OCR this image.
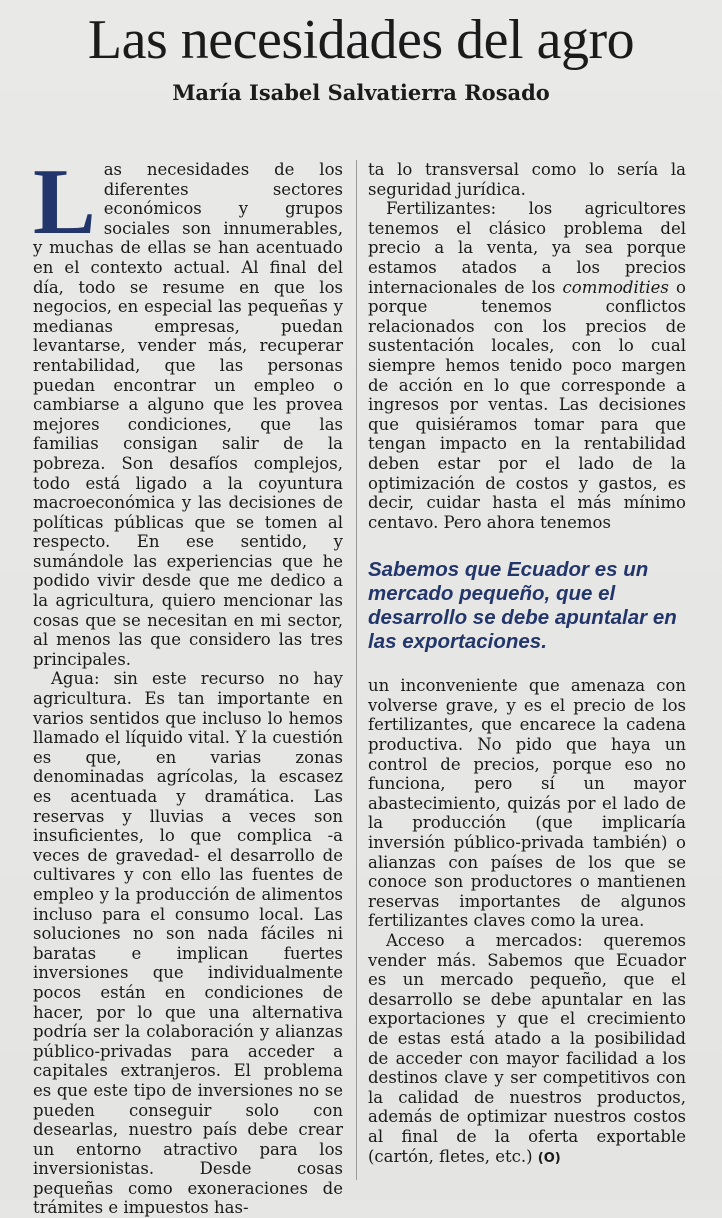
Las necesidades del agro
María Isabel Salvatierra Rosado

Las necesidades de los diferentes sectores económicos y grupos sociales son innumerables, y muchas de ellas se han acentuado en el contexto actual. Al final del día, todo se resume en que los negocios, en especial las pequeñas y medianas empresas, puedan levantarse, vender más, recuperar rentabilidad, que las personas puedan encontrar un empleo o cambiarse a alguno que les provea mejores condiciones, que las familias consigan salir de la pobreza. Son desafíos complejos, todo está ligado a la coyuntura macroeconómica y las decisiones de políticas públicas que se tomen al respecto. En ese sentido, y sumándole las experiencias que he podido vivir desde que me dedico a la agricultura, quiero mencionar las cosas que se necesitan en mi sector, al menos las que considero las tres principales.

Agua: sin este recurso no hay agricultura. Es tan importante en varios sentidos que incluso lo hemos llamado el líquido vital. Y la cuestión es que, en varias zonas denominadas agrícolas, la escasez es acentuada y dramática. Las reservas y lluvias a veces son insuficientes, lo que complica -a veces de gravedad- el desarrollo de cultivares y con ello las fuentes de empleo y la producción de alimentos incluso para el consumo local. Las soluciones no son nada fáciles ni baratas e implican fuertes inversiones que individualmente pocos están en condiciones de hacer, por lo que una alternativa podría ser la colaboración y alianzas público-privadas para acceder a capitales extranjeros. El problema es que este tipo de inversiones no se pueden conseguir solo con desearlas, nuestro país debe crear un entorno atractivo para los inversionistas. Desde cosas pequeñas como exoneraciones de trámites e impuestos has-

ta lo transversal como lo sería la seguridad jurídica.

Fertilizantes: los agricultores tenemos el clásico problema del precio a la venta, ya sea porque estamos atados a los precios internacionales de los commodities o porque tenemos conflictos relacionados con los precios de sustentación locales, con lo cual siempre hemos tenido poco margen de acción en lo que corresponde a ingresos por ventas. Las decisiones que quisiéramos tomar para que tengan impacto en la rentabilidad deben estar por el lado de la optimización de costos y gastos, es decir, cuidar hasta el más mínimo centavo. Pero ahora tenemos

Sabemos que Ecuador es un mercado pequeño, que el desarrollo se debe apuntalar en las exportaciones.

un inconveniente que amenaza con volverse grave, y es el precio de los fertilizantes, que encarece la cadena productiva. No pido que haya un control de precios, porque eso no funciona, pero sí un mayor abastecimiento, quizás por el lado de la producción (que implicaría inversión público-privada también) o alianzas con países de los que se conoce son productores o mantienen reservas importantes de algunos fertilizantes claves como la urea.

Acceso a mercados: queremos vender más. Sabemos que Ecuador es un mercado pequeño, que el desarrollo se debe apuntalar en las exportaciones y que el crecimiento de estas está atado a la posibilidad de acceder con mayor facilidad a los destinos clave y ser competitivos con la calidad de nuestros productos, además de optimizar nuestros costos al final de la oferta exportable (cartón, fletes, etc.) (O)
